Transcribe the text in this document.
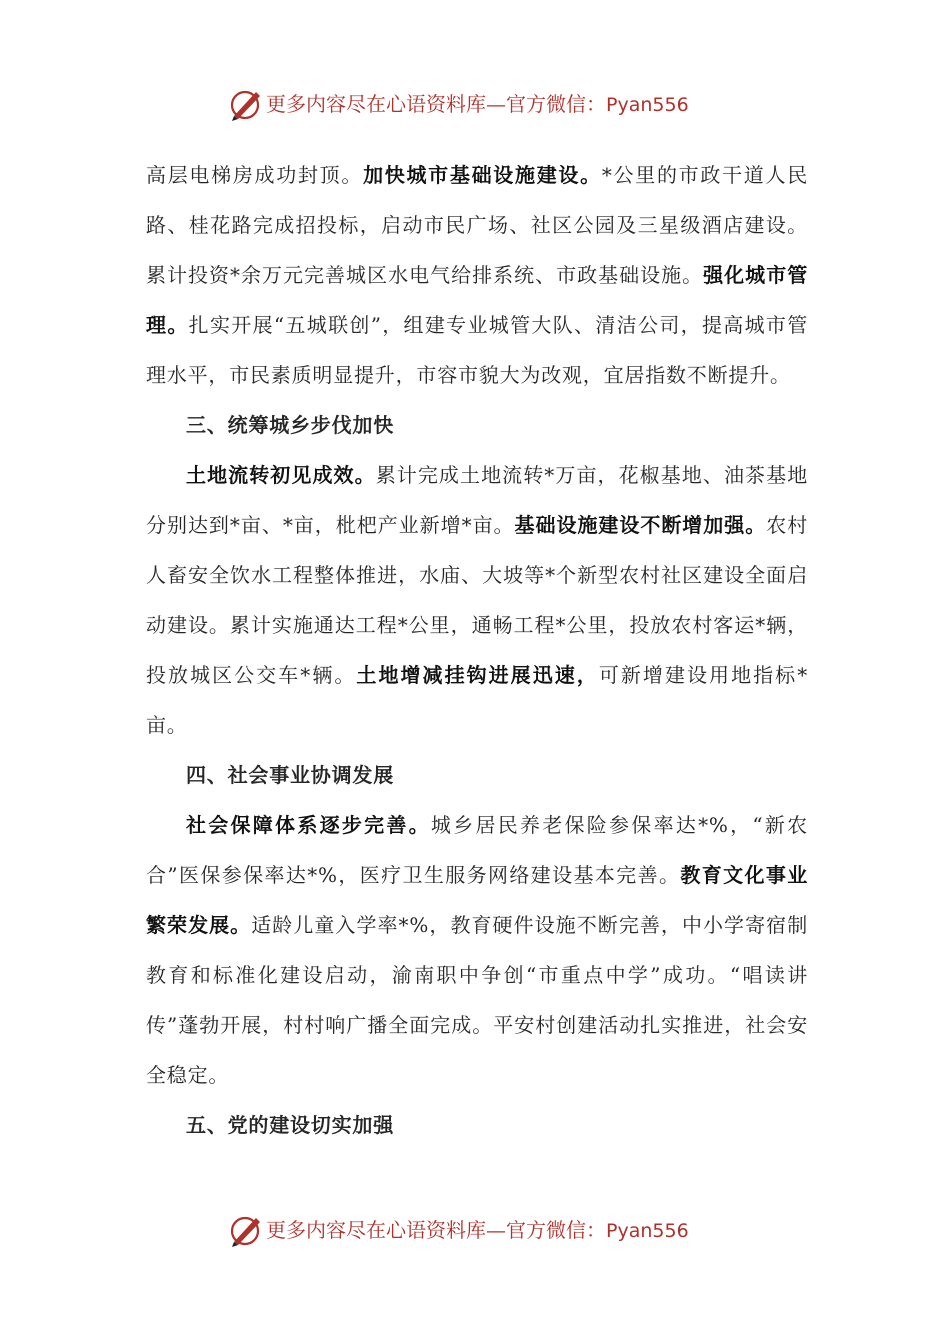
更多内容尽在心语资料库—官方微信：Pyan556

高层电梯房成功封顶。加快城市基础设施建设。*公里的市政干道人民路、桂花路完成招投标，启动市民广场、社区公园及三星级酒店建设。累计投资*余万元完善城区水电气给排系统、市政基础设施。强化城市管理。扎实开展“五城联创”，组建专业城管大队、清洁公司，提高城市管理水平，市民素质明显提升，市容市貌大为改观，宜居指数不断提升。

三、统筹城乡步伐加快

土地流转初见成效。累计完成土地流转*万亩，花椒基地、油茶基地分别达到*亩、*亩，枇杷产业新增*亩。基础设施建设不断增加强。农村人畜安全饮水工程整体推进，水庙、大坡等*个新型农村社区建设全面启动建设。累计实施通达工程*公里，通畅工程*公里，投放农村客运*辆，投放城区公交车*辆。土地增减挂钩进展迅速，可新增建设用地指标*亩。

四、社会事业协调发展

社会保障体系逐步完善。城乡居民养老保险参保率达*%，“新农合”医保参保率达*%，医疗卫生服务网络建设基本完善。教育文化事业繁荣发展。适龄儿童入学率*%，教育硬件设施不断完善，中小学寄宿制教育和标准化建设启动，渝南职中争创“市重点中学”成功。“唱读讲传”蓬勃开展，村村响广播全面完成。平安村创建活动扎实推进，社会安全稳定。

五、党的建设切实加强

更多内容尽在心语资料库—官方微信：Pyan556
